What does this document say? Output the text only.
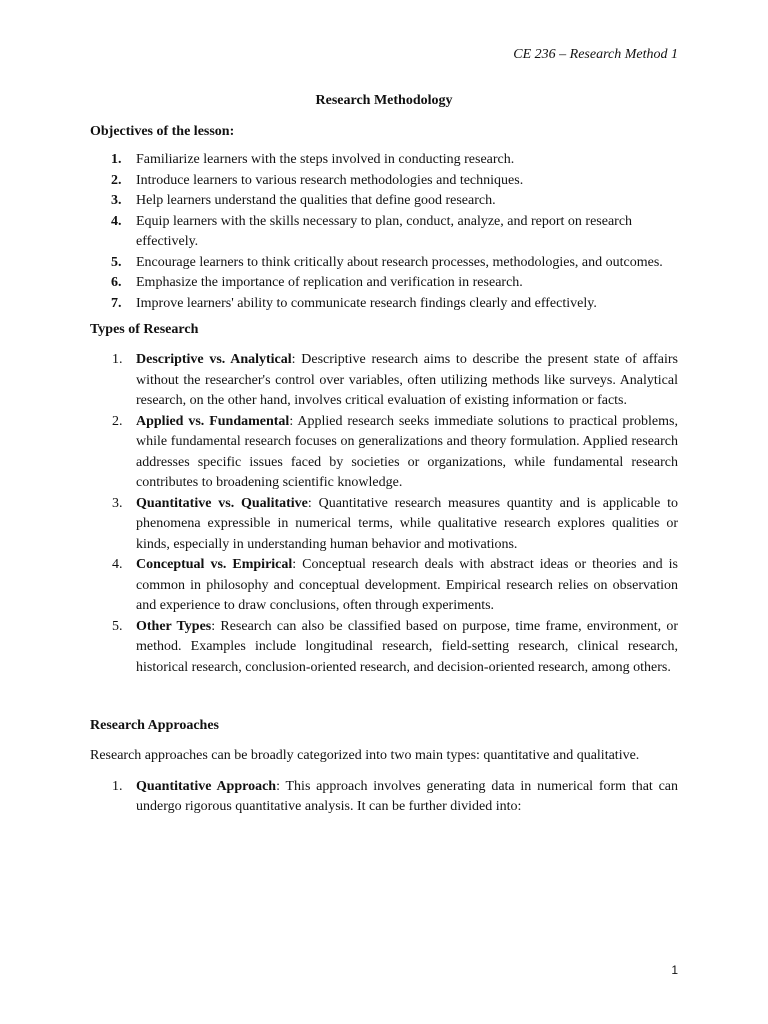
CE 236 – Research Method 1
Research Methodology

Objectives of the lesson:

1. Familiarize learners with the steps involved in conducting research.
2. Introduce learners to various research methodologies and techniques.
3. Help learners understand the qualities that define good research.
4. Equip learners with the skills necessary to plan, conduct, analyze, and report on research effectively.
5. Encourage learners to think critically about research processes, methodologies, and outcomes.
6. Emphasize the importance of replication and verification in research.
7. Improve learners' ability to communicate research findings clearly and effectively.

Types of Research

1. Descriptive vs. Analytical: Descriptive research aims to describe the present state of affairs without the researcher's control over variables, often utilizing methods like surveys. Analytical research, on the other hand, involves critical evaluation of existing information or facts.
2. Applied vs. Fundamental: Applied research seeks immediate solutions to practical problems, while fundamental research focuses on generalizations and theory formulation. Applied research addresses specific issues faced by societies or organizations, while fundamental research contributes to broadening scientific knowledge.
3. Quantitative vs. Qualitative: Quantitative research measures quantity and is applicable to phenomena expressible in numerical terms, while qualitative research explores qualities or kinds, especially in understanding human behavior and motivations.
4. Conceptual vs. Empirical: Conceptual research deals with abstract ideas or theories and is common in philosophy and conceptual development. Empirical research relies on observation and experience to draw conclusions, often through experiments.
5. Other Types: Research can also be classified based on purpose, time frame, environment, or method. Examples include longitudinal research, field-setting research, clinical research, historical research, conclusion-oriented research, and decision-oriented research, among others.

Research Approaches

Research approaches can be broadly categorized into two main types: quantitative and qualitative.

1. Quantitative Approach: This approach involves generating data in numerical form that can undergo rigorous quantitative analysis. It can be further divided into:
1
